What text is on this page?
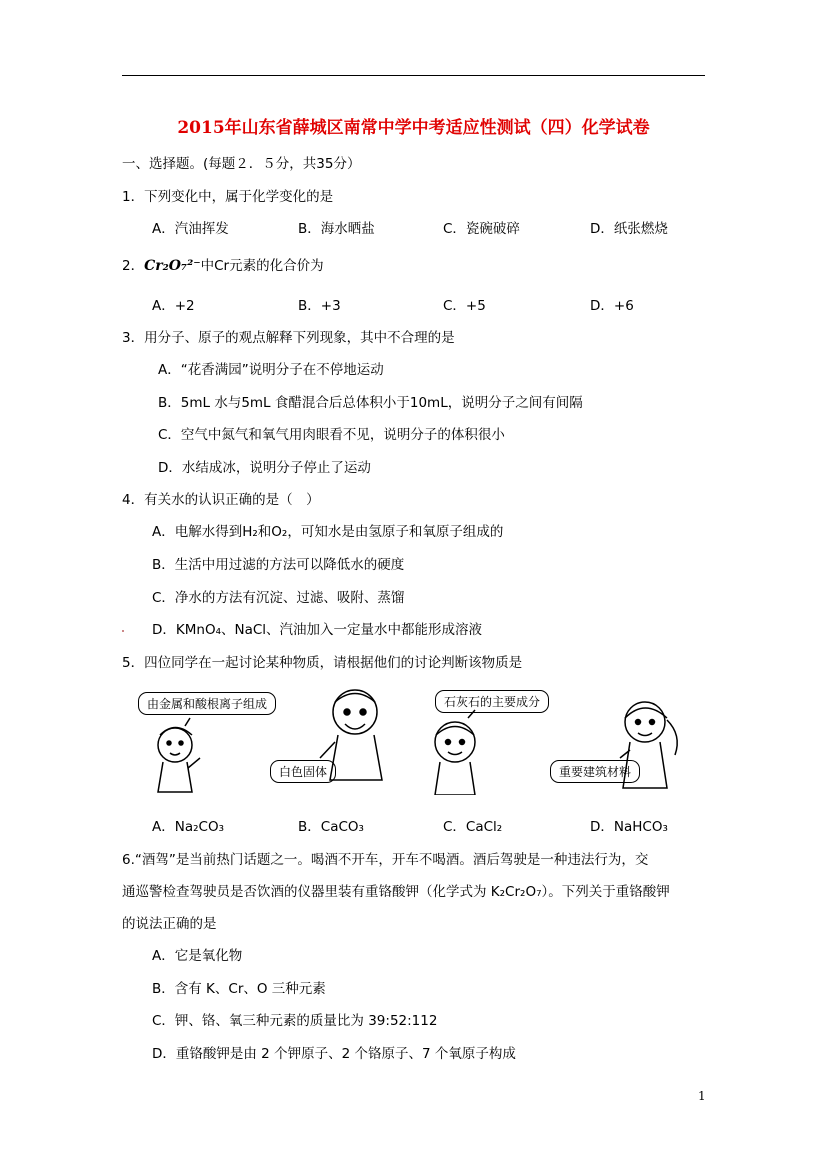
2015年山东省薛城区南常中学中考适应性测试（四）化学试卷
一、选择题。(每题２．５分，共35分）
1．下列变化中，属于化学变化的是
A．汽油挥发	B．海水晒盐	C．瓷碗破碎	D．纸张燃烧
2．Cr₂O₇²⁻中Cr元素的化合价为
A．+2	B．+3	C．+5	D．+6
3．用分子、原子的观点解释下列现象，其中不合理的是
A．“花香满园”说明分子在不停地运动
B．5mL 水与5mL 食醋混合后总体积小于10mL，说明分子之间有间隔
C．空气中氮气和氧气用肉眼看不见，说明分子的体积很小
D．水结成冰，说明分子停止了运动
4．有关水的认识正确的是（　）
A．电解水得到H₂和O₂，可知水是由氢原子和氧原子组成的
B．生活中用过滤的方法可以降低水的硬度
C．净水的方法有沉淀、过滤、吸附、蒸馏
D．KMnO₄、NaCl、汽油加入一定量水中都能形成溶液
5．四位同学在一起讨论某种物质，请根据他们的讨论判断该物质是
由金属和酸根离子组成
白色固体
石灰石的主要成分
重要建筑材料
A．Na₂CO₃	B．CaCO₃	C．CaCl₂	D．NaHCO₃
6.“酒驾”是当前热门话题之一。喝酒不开车，开车不喝酒。酒后驾驶是一种违法行为，交
通巡警检查驾驶员是否饮酒的仪器里装有重铬酸钾（化学式为 K₂Cr₂O₇）。下列关于重铬酸钾
的说法正确的是
A．它是氧化物
B．含有 K、Cr、O 三种元素
C．钾、铬、氧三种元素的质量比为 39:52:112
D．重铬酸钾是由 2 个钾原子、2 个铬原子、7 个氧原子构成
1
